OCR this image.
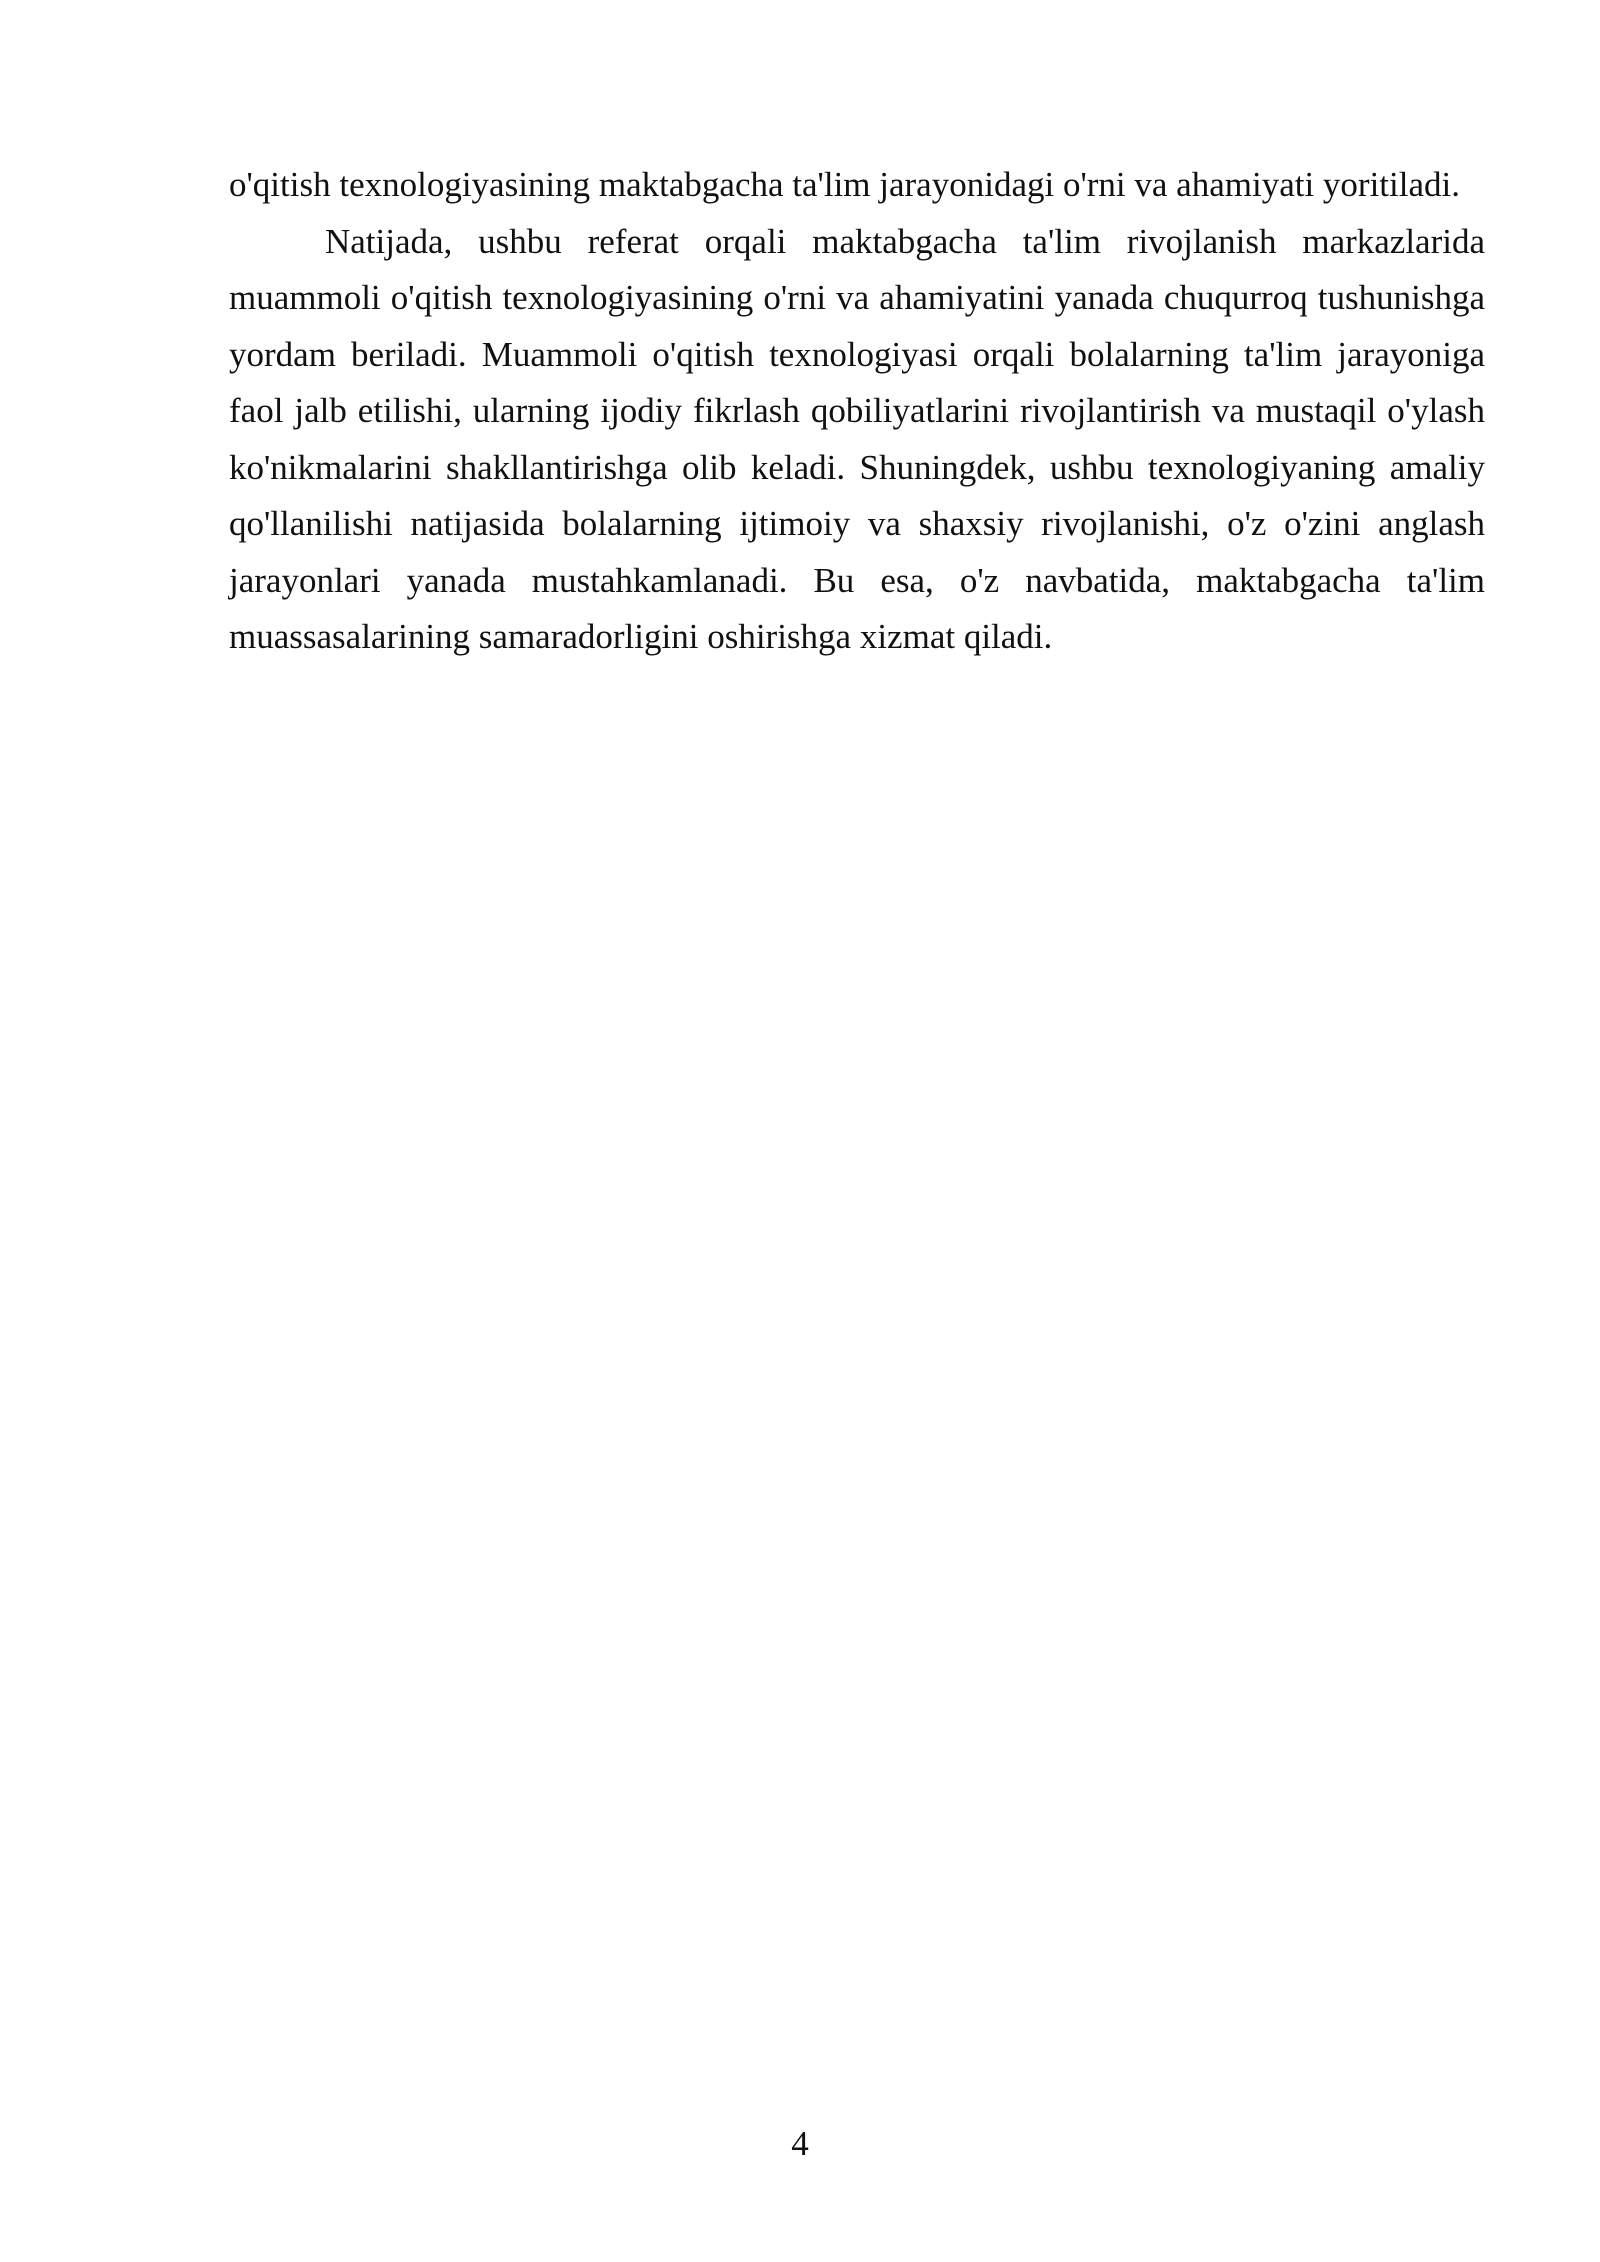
o'qitish texnologiyasining maktabgacha ta'lim jarayonidagi o'rni va ahamiyati yoritiladi.

Natijada, ushbu referat orqali maktabgacha ta'lim rivojlanish markazlarida muammoli o'qitish texnologiyasining o'rni va ahamiyatini yanada chuqurroq tushunishga yordam beriladi. Muammoli o'qitish texnologiyasi orqali bolalarning ta'lim jarayoniga faol jalb etilishi, ularning ijodiy fikrlash qobiliyatlarini rivojlantirish va mustaqil o'ylash ko'nikmalarini shakllantirishga olib keladi. Shuningdek, ushbu texnologiyaning amaliy qo'llanilishi natijasida bolalarning ijtimoiy va shaxsiy rivojlanishi, o'z o'zini anglash jarayonlari yanada mustahkamlanadi. Bu esa, o'z navbatida, maktabgacha ta'lim muassasalarining samaradorligini oshirishga xizmat qiladi.

4
